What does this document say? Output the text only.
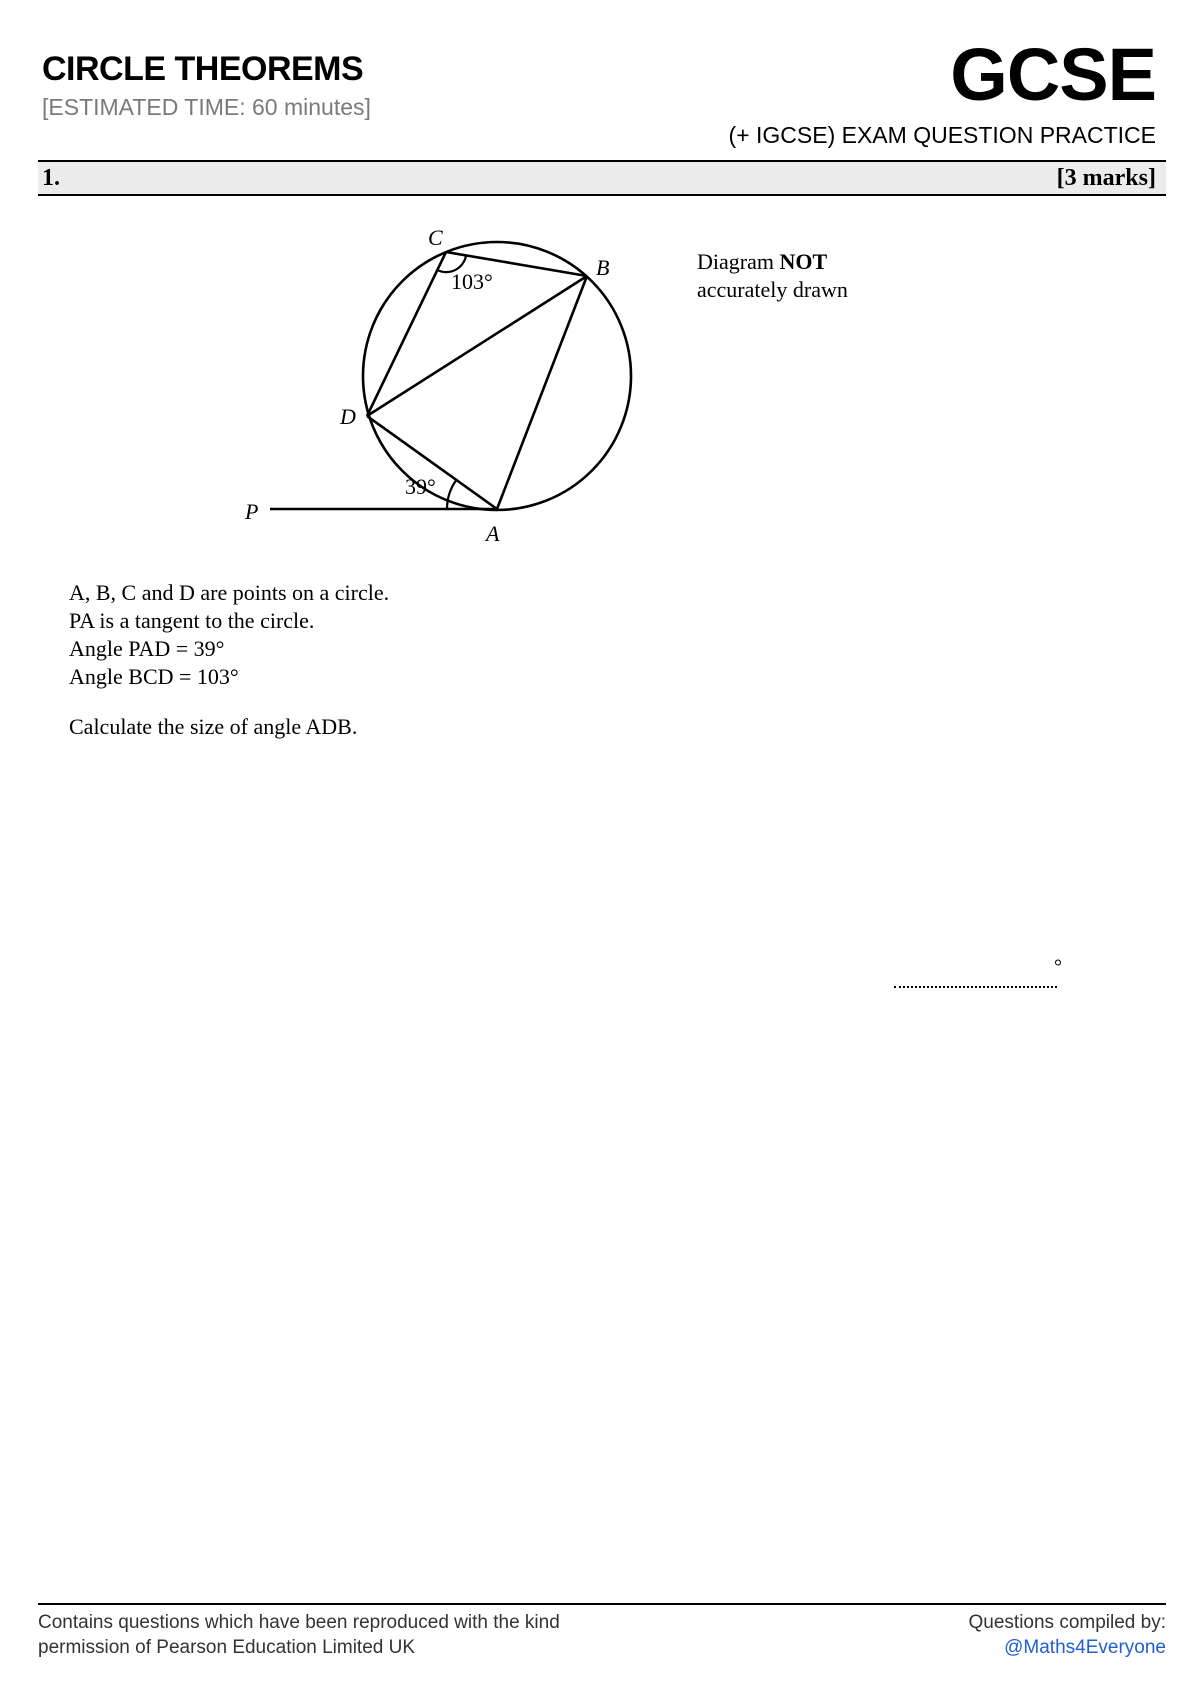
CIRCLE THEOREMS
[ESTIMATED TIME: 60 minutes]	GCSE
(+ IGCSE) EXAM QUESTION PRACTICE
1.	[3 marks]
C
B
D
P
A
103°
39°
Diagram NOT
accurately drawn

A, B, C and D are points on a circle.

PA is a tangent to the circle.

Angle PAD = 39°

Angle BCD = 103°

Calculate the size of angle ADB.

°
Contains questions which have been reproduced with the kind
permission of Pearson Education Limited UK
Questions compiled by:
@Maths4Everyone
